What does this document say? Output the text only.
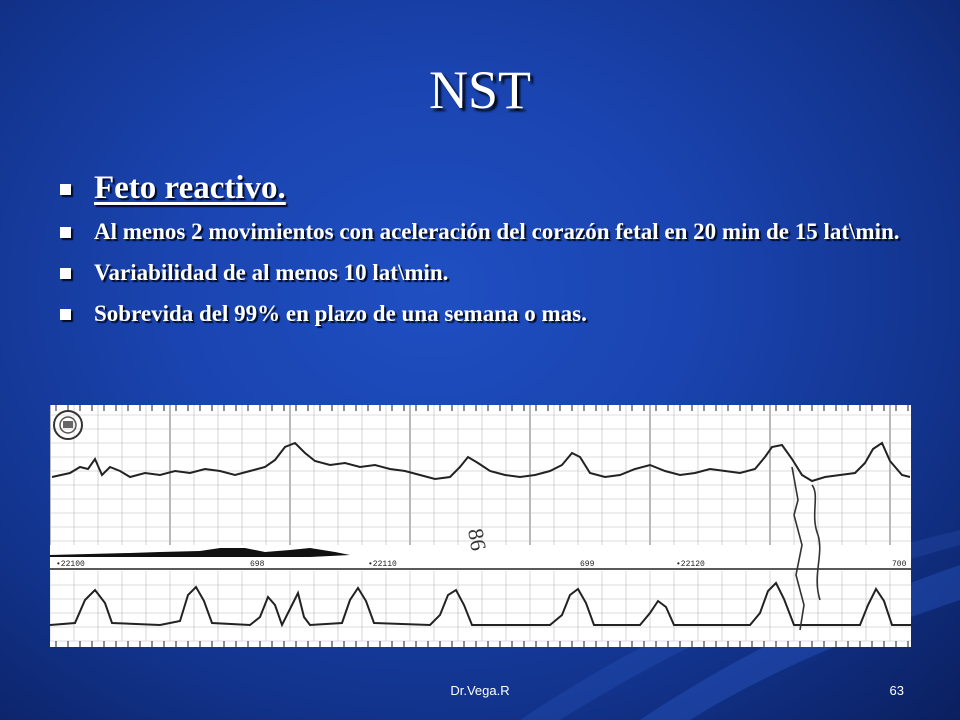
NST
Feto reactivo.
Al menos 2 movimientos con aceleración del corazón fetal en 20 min de 15 lat\min.
Variabilidad de al menos 10 lat\min.
Sobrevida del 99% en plazo de una semana o mas.
86
•22100	698	•22110	699	•22120	700
Dr.Vega.R	63
